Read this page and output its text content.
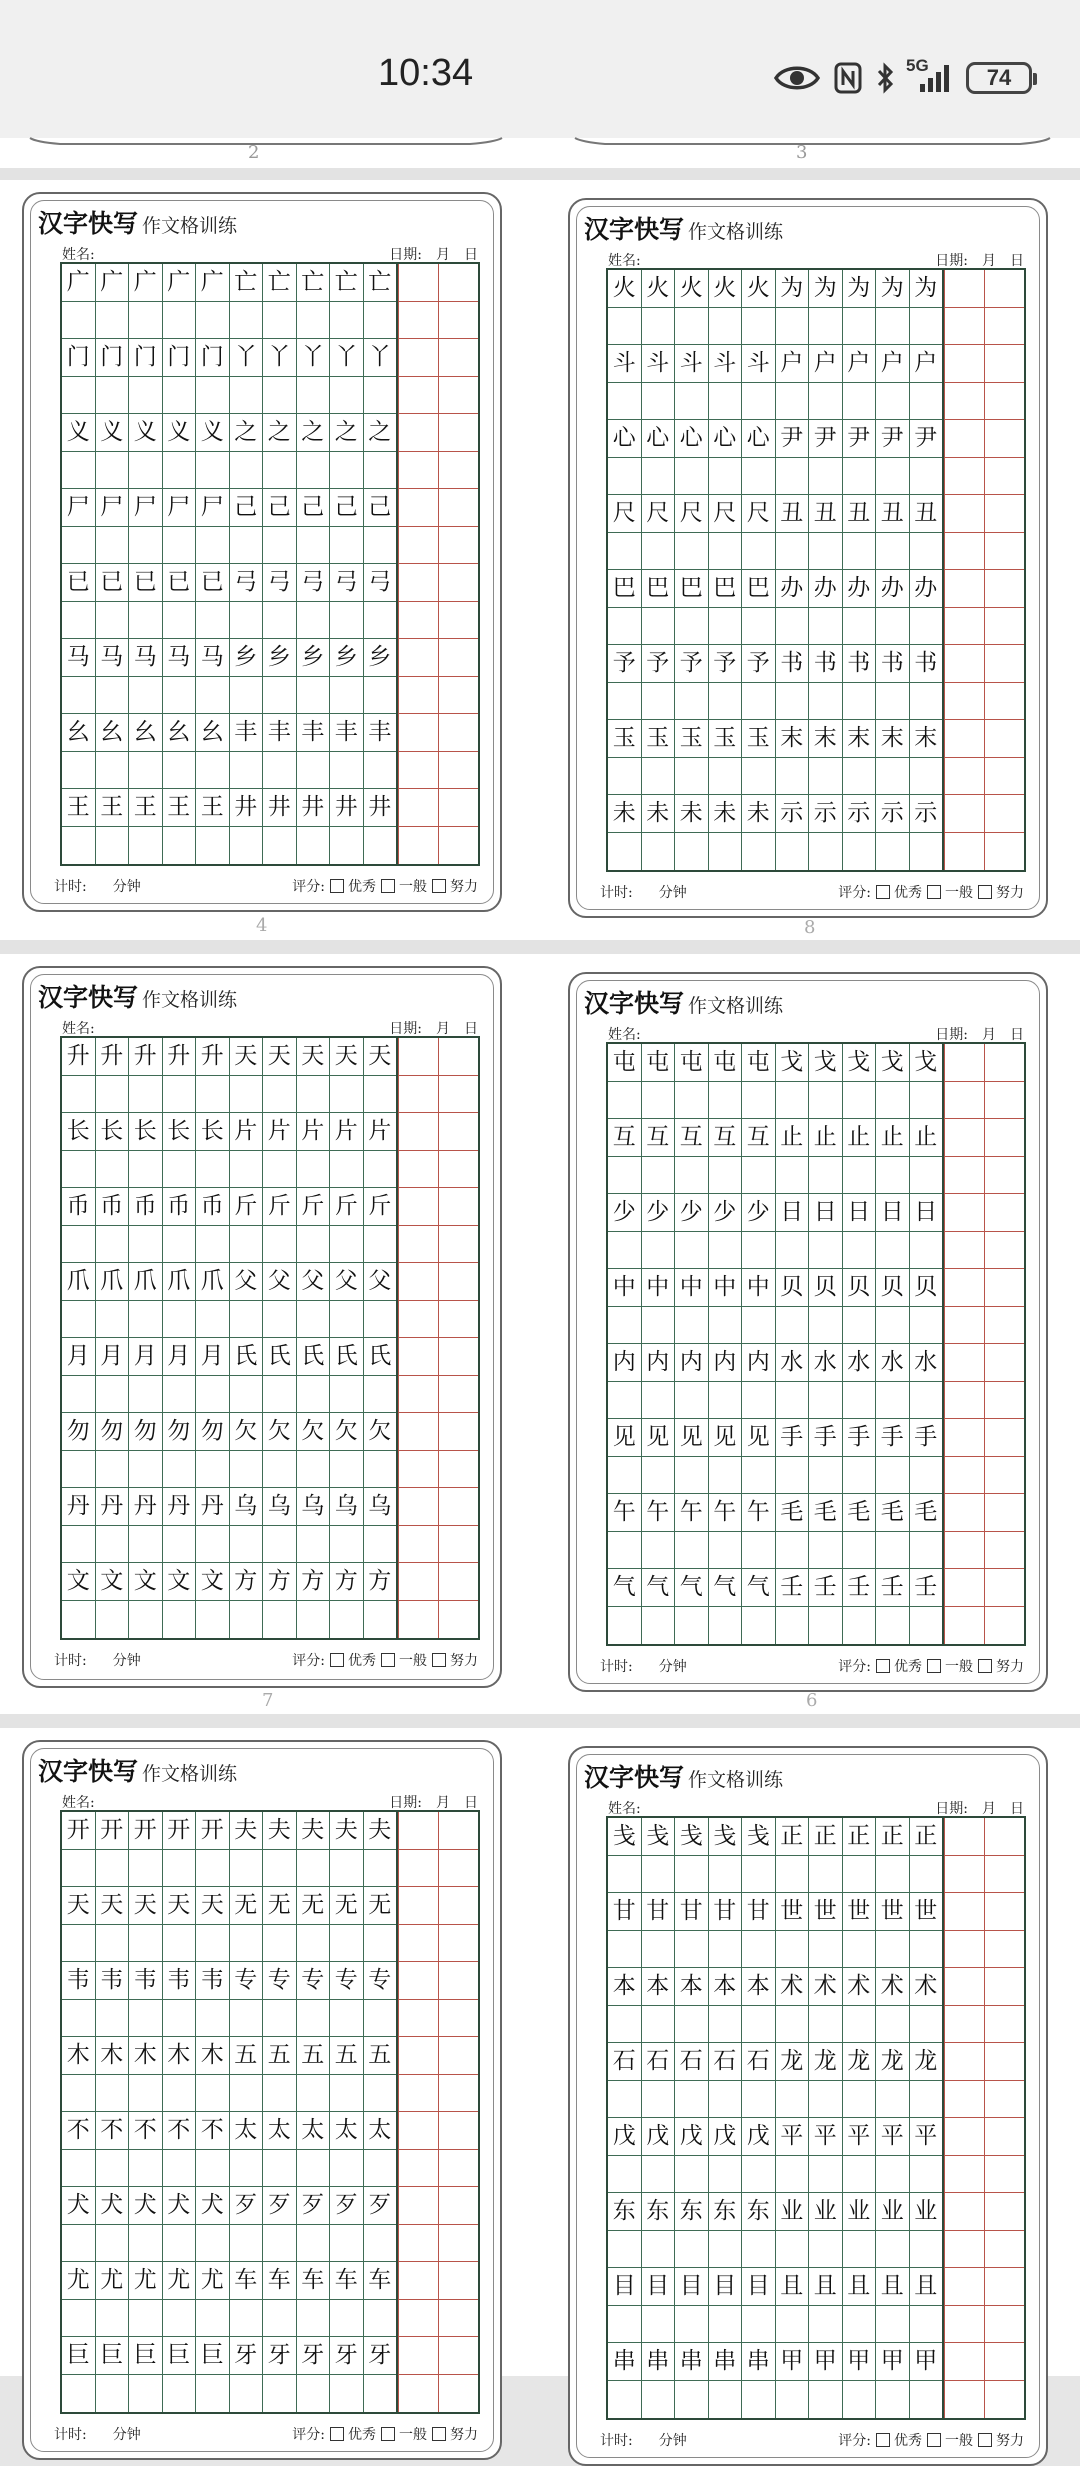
10:34	5G	74
2	3
汉字快写 作文格训练
姓名:	日期: 月 日
广 广 广 广 广 亡 亡 亡 亡 亡
门 门 门 门 门 丫 丫 丫 丫 丫
义 义 义 义 义 之 之 之 之 之
尸 尸 尸 尸 尸 己 己 己 己 己
已 已 已 已 已 弓 弓 弓 弓 弓
马 马 马 马 马 乡 乡 乡 乡 乡
幺 幺 幺 幺 幺 丰 丰 丰 丰 丰
王 王 王 王 王 井 井 井 井 井
计时: 分钟	评分: 优秀 一般 努力
汉字快写 作文格训练
姓名:	日期: 月 日
火 火 火 火 火 为 为 为 为 为
斗 斗 斗 斗 斗 户 户 户 户 户
心 心 心 心 心 尹 尹 尹 尹 尹
尺 尺 尺 尺 尺 丑 丑 丑 丑 丑
巴 巴 巴 巴 巴 办 办 办 办 办
予 予 予 予 予 书 书 书 书 书
玉 玉 玉 玉 玉 末 末 末 末 末
未 未 未 未 未 示 示 示 示 示
计时: 分钟	评分: 优秀 一般 努力
4	8
汉字快写 作文格训练
姓名:	日期: 月 日
升 升 升 升 升 天 天 天 天 天
长 长 长 长 长 片 片 片 片 片
币 币 币 币 币 斤 斤 斤 斤 斤
爪 爪 爪 爪 爪 父 父 父 父 父
月 月 月 月 月 氏 氏 氏 氏 氏
勿 勿 勿 勿 勿 欠 欠 欠 欠 欠
丹 丹 丹 丹 丹 乌 乌 乌 乌 乌
文 文 文 文 文 方 方 方 方 方
计时: 分钟	评分: 优秀 一般 努力
汉字快写 作文格训练
姓名:	日期: 月 日
屯 屯 屯 屯 屯 戈 戈 戈 戈 戈
互 互 互 互 互 止 止 止 止 止
少 少 少 少 少 日 日 日 日 日
中 中 中 中 中 贝 贝 贝 贝 贝
内 内 内 内 内 水 水 水 水 水
见 见 见 见 见 手 手 手 手 手
午 午 午 午 午 毛 毛 毛 毛 毛
气 气 气 气 气 壬 壬 壬 壬 壬
计时: 分钟	评分: 优秀 一般 努力
7	6
汉字快写 作文格训练
姓名:	日期: 月 日
开 开 开 开 开 夫 夫 夫 夫 夫
天 天 天 天 天 无 无 无 无 无
韦 韦 韦 韦 韦 专 专 专 专 专
木 木 木 木 木 五 五 五 五 五
不 不 不 不 不 太 太 太 太 太
犬 犬 犬 犬 犬 歹 歹 歹 歹 歹
尤 尤 尤 尤 尤 车 车 车 车 车
巨 巨 巨 巨 巨 牙 牙 牙 牙 牙
计时: 分钟	评分: 优秀 一般 努力
汉字快写 作文格训练
姓名:	日期: 月 日
戋 戋 戋 戋 戋 正 正 正 正 正
甘 甘 甘 甘 甘 世 世 世 世 世
本 本 本 本 本 术 术 术 术 术
石 石 石 石 石 龙 龙 龙 龙 龙
戊 戊 戊 戊 戊 平 平 平 平 平
东 东 东 东 东 业 业 业 业 业
目 目 目 目 目 且 且 且 且 且
串 串 串 串 串 甲 甲 甲 甲 甲
计时: 分钟	评分: 优秀 一般 努力
